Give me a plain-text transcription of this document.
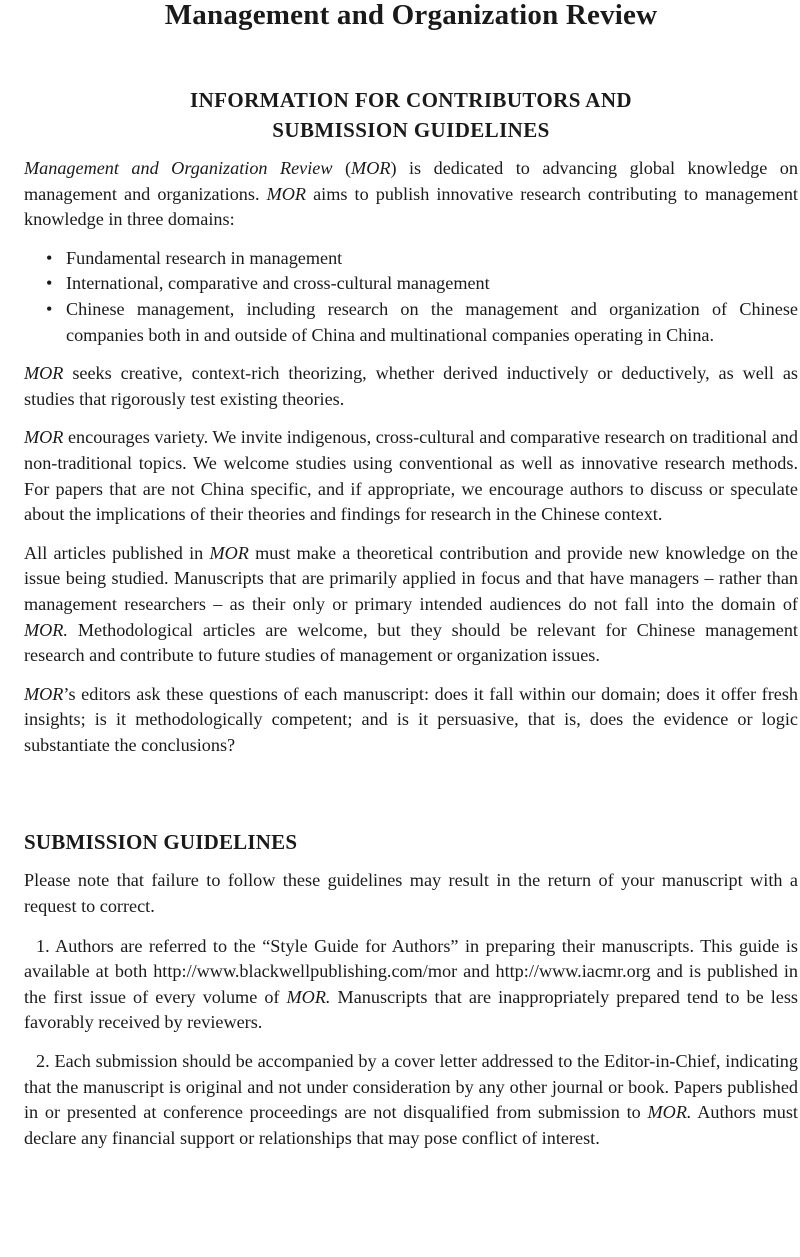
Management and Organization Review
INFORMATION FOR CONTRIBUTORS AND
SUBMISSION GUIDELINES

Management and Organization Review (MOR) is dedicated to advancing global knowledge on management and organizations. MOR aims to publish innovative research contributing to management knowledge in three domains:

• Fundamental research in management
• International, comparative and cross-cultural management
• Chinese management, including research on the management and organization of Chinese companies both in and outside of China and multinational companies operating in China.

MOR seeks creative, context-rich theorizing, whether derived inductively or deductively, as well as studies that rigorously test existing theories.

MOR encourages variety. We invite indigenous, cross-cultural and comparative research on traditional and non-traditional topics. We welcome studies using conventional as well as innovative research methods. For papers that are not China specific, and if appropriate, we encourage authors to discuss or speculate about the implications of their theories and findings for research in the Chinese context.

All articles published in MOR must make a theoretical contribution and provide new knowledge on the issue being studied. Manuscripts that are primarily applied in focus and that have managers – rather than management researchers – as their only or primary intended audiences do not fall into the domain of MOR. Methodological articles are welcome, but they should be relevant for Chinese management research and contribute to future studies of management or organization issues.

MOR’s editors ask these questions of each manuscript: does it fall within our domain; does it offer fresh insights; is it methodologically competent; and is it persuasive, that is, does the evidence or logic substantiate the conclusions?

SUBMISSION GUIDELINES

Please note that failure to follow these guidelines may result in the return of your manuscript with a request to correct.

1. Authors are referred to the “Style Guide for Authors” in preparing their manuscripts. This guide is available at both http://www.blackwellpublishing.com/mor and http://www.iacmr.org and is published in the first issue of every volume of MOR. Manuscripts that are inappropriately prepared tend to be less favorably received by reviewers.
2. Each submission should be accompanied by a cover letter addressed to the Editor-in-Chief, indicating that the manuscript is original and not under consideration by any other journal or book. Papers published in or presented at conference proceedings are not disqualified from submission to MOR. Authors must declare any financial support or relationships that may pose conflict of interest.
